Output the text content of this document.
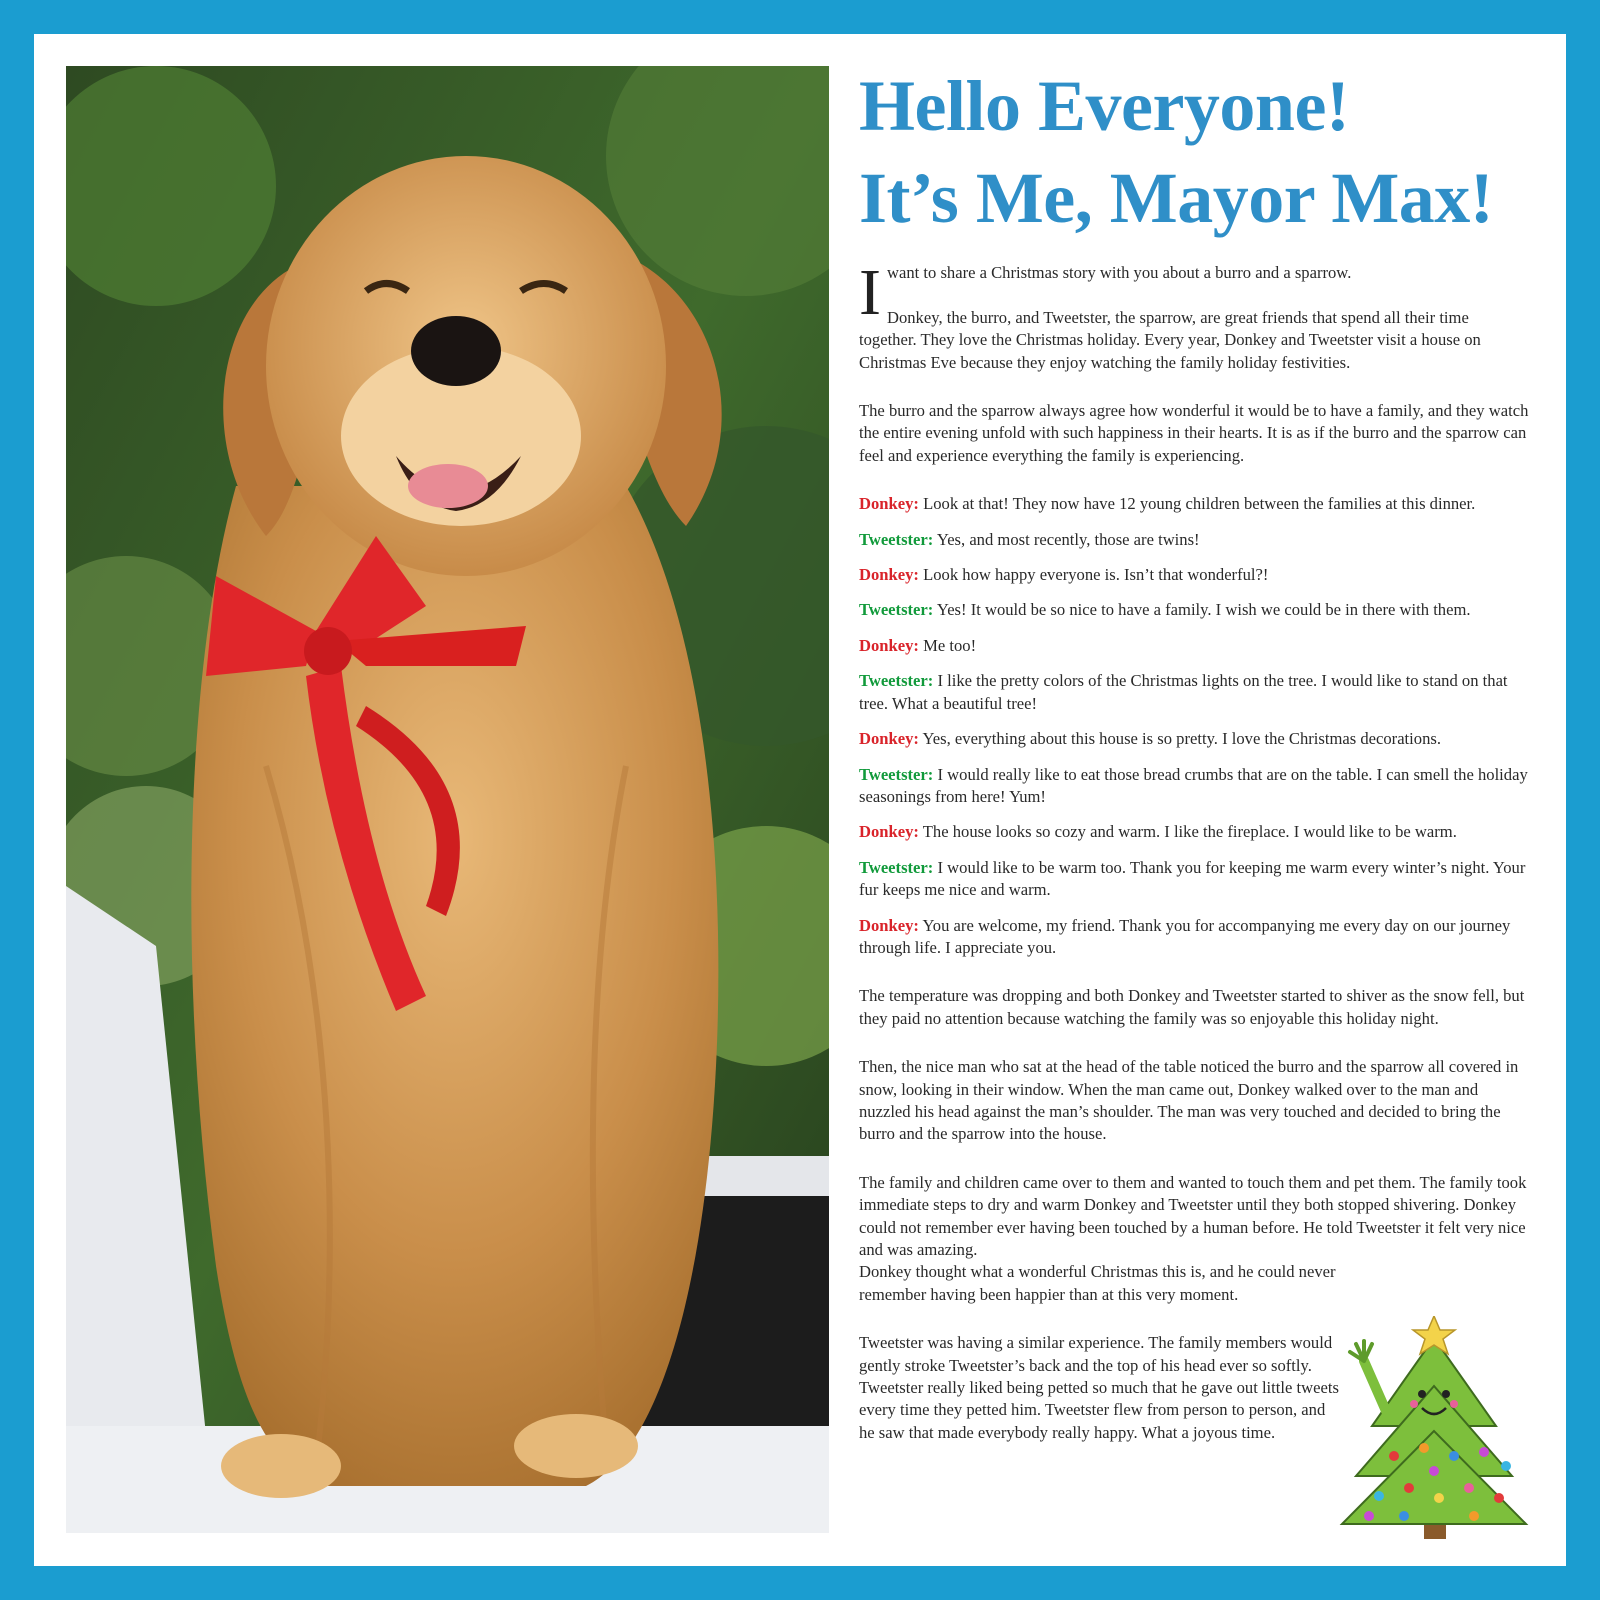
Hello Everyone!
It’s Me, Mayor Max!

I want to share a Christmas story with you about a burro and a sparrow.

Donkey, the burro, and Tweetster, the sparrow, are great friends that spend all their time together. They love the Christmas holiday. Every year, Donkey and Tweetster visit a house on Christmas Eve because they enjoy watching the family holiday festivities.

The burro and the sparrow always agree how wonderful it would be to have a family, and they watch the entire evening unfold with such happiness in their hearts. It is as if the burro and the sparrow can feel and experience everything the family is experiencing.

Donkey: Look at that! They now have 12 young children between the families at this dinner.

Tweetster: Yes, and most recently, those are twins!

Donkey: Look how happy everyone is. Isn’t that wonderful?!

Tweetster: Yes! It would be so nice to have a family. I wish we could be in there with them.

Donkey: Me too!

Tweetster: I like the pretty colors of the Christmas lights on the tree. I would like to stand on that tree. What a beautiful tree!

Donkey: Yes, everything about this house is so pretty. I love the Christmas decorations.

Tweetster: I would really like to eat those bread crumbs that are on the table. I can smell the holiday seasonings from here! Yum!

Donkey: The house looks so cozy and warm. I like the fireplace. I would like to be warm.

Tweetster: I would like to be warm too. Thank you for keeping me warm every winter’s night. Your fur keeps me nice and warm.

Donkey: You are welcome, my friend. Thank you for accompanying me every day on our journey through life. I appreciate you.

The temperature was dropping and both Donkey and Tweetster started to shiver as the snow fell, but they paid no attention because watching the family was so enjoyable this holiday night.

Then, the nice man who sat at the head of the table noticed the burro and the sparrow all covered in snow, looking in their window. When the man came out, Donkey walked over to the man and nuzzled his head against the man’s shoulder. The man was very touched and decided to bring the burro and the sparrow into the house.

The family and children came over to them and wanted to touch them and pet them. The family took immediate steps to dry and warm Donkey and Tweetster until they both stopped shivering. Donkey could not remember ever having been touched by a human before. He told Tweetster it felt very nice and was amazing.
Donkey thought what a wonderful Christmas this is, and he could never remember having been happier than at this very moment.

Tweetster was having a similar experience. The family members would gently stroke Tweetster’s back and the top of his head ever so softly. Tweetster really liked being petted so much that he gave out little tweets every time they petted him. Tweetster flew from person to person, and he saw that made everybody really happy. What a joyous time.
